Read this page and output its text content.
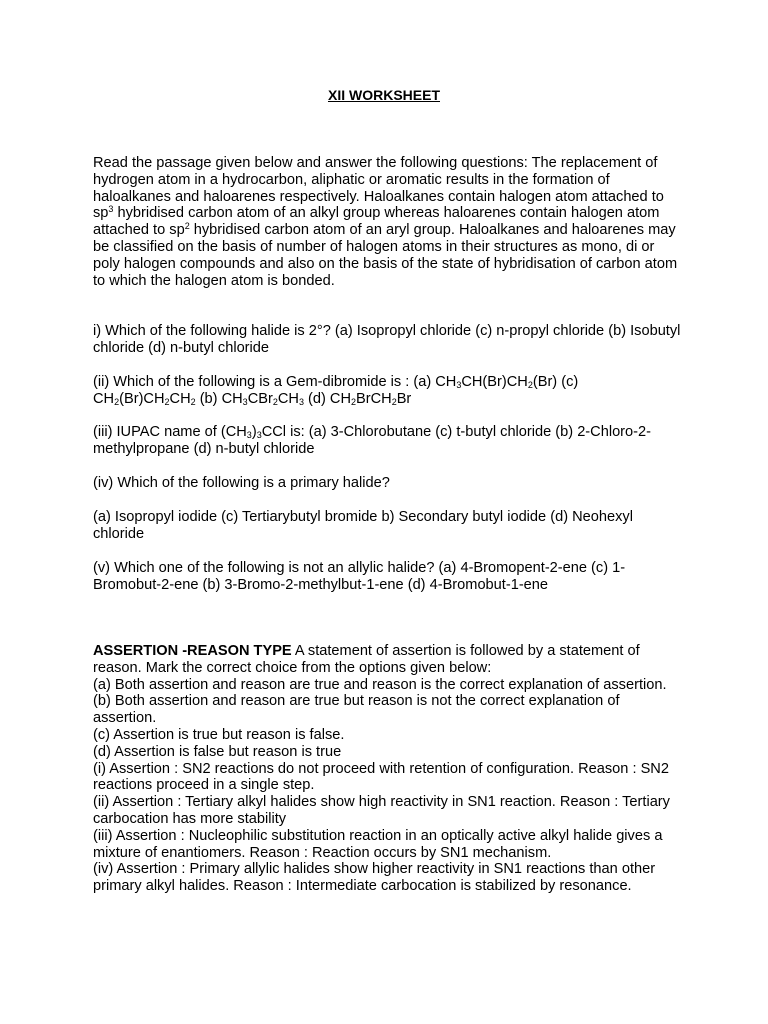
XII WORKSHEET

Read the passage given below and answer the following questions: The replacement of hydrogen atom in a hydrocarbon, aliphatic or aromatic results in the formation of haloalkanes and haloarenes respectively. Haloalkanes contain halogen atom attached to $sp^3$ hybridised carbon atom of an alkyl group whereas haloarenes contain halogen atom attached to $sp^2$ hybridised carbon atom of an aryl group. Haloalkanes and haloarenes may be classified on the basis of number of halogen atoms in their structures as mono, di or poly halogen compounds and also on the basis of the state of hybridisation of carbon atom to which the halogen atom is bonded.

i) Which of the following halide is 2°? (a) Isopropyl chloride (c) n-propyl chloride (b) Isobutyl chloride (d) n-butyl chloride

(ii) Which of the following is a Gem-dibromide is : (a) $CH_3CH(Br)CH_2(Br)$ (c) $CH_2(Br)CH_2CH_2$ (b) $CH_3CBr_2CH_3$ (d) $CH_2BrCH_2Br$

(iii) IUPAC name of $(CH_3)_3CCl$ is: (a) 3-Chlorobutane (c) t-butyl chloride (b) 2-Chloro-2-methylpropane (d) n-butyl chloride

(iv) Which of the following is a primary halide?

(a) Isopropyl iodide (c) Tertiarybutyl bromide b) Secondary butyl iodide (d) Neohexyl chloride

(v) Which one of the following is not an allylic halide? (a) 4-Bromopent-2-ene (c) 1-Bromobut-2-ene (b) 3-Bromo-2-methylbut-1-ene (d) 4-Bromobut-1-ene

ASSERTION -REASON TYPE A statement of assertion is followed by a statement of reason. Mark the correct choice from the options given below:

(a) Both assertion and reason are true and reason is the correct explanation of assertion.

(b) Both assertion and reason are true but reason is not the correct explanation of assertion.

(c) Assertion is true but reason is false.

(d) Assertion is false but reason is true

(i) Assertion : SN2 reactions do not proceed with retention of configuration. Reason : SN2 reactions proceed in a single step.

(ii) Assertion : Tertiary alkyl halides show high reactivity in SN1 reaction. Reason : Tertiary carbocation has more stability

(iii) Assertion : Nucleophilic substitution reaction in an optically active alkyl halide gives a mixture of enantiomers. Reason : Reaction occurs by SN1 mechanism.

(iv) Assertion : Primary allylic halides show higher reactivity in SN1 reactions than other primary alkyl halides. Reason : Intermediate carbocation is stabilized by resonance.
